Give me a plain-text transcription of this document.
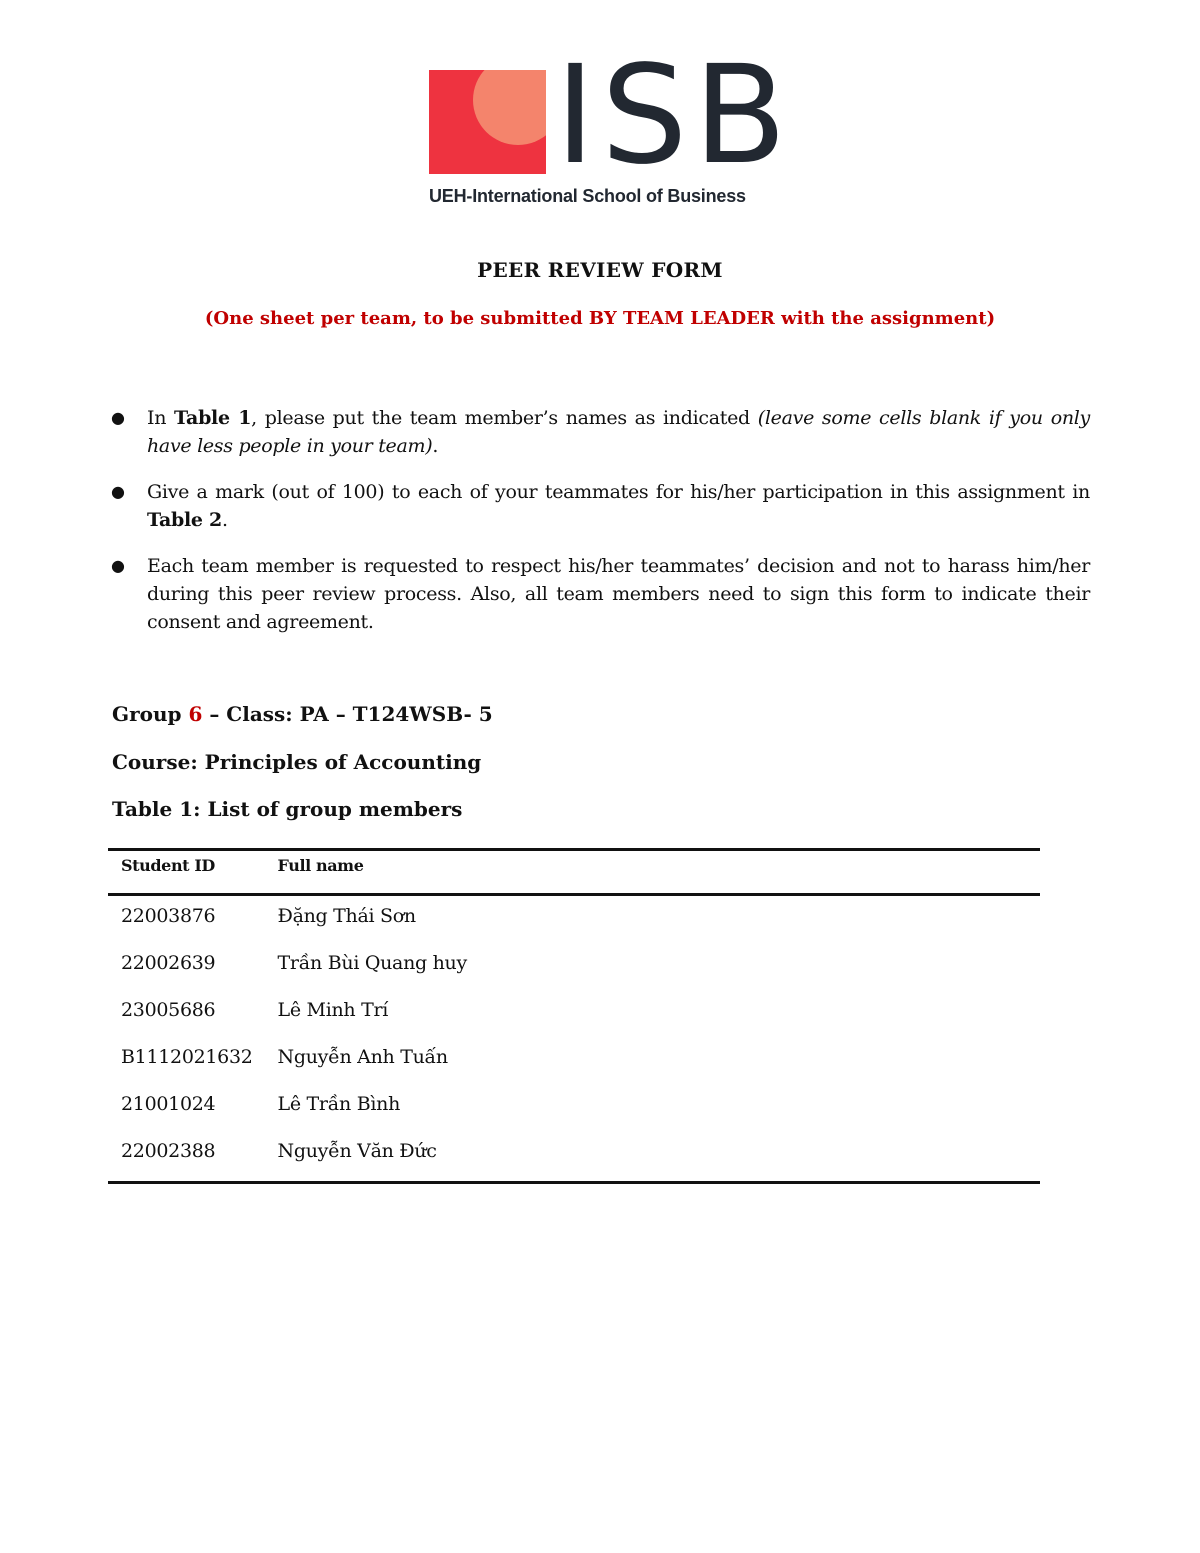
ISB
UEH-International School of Business
PEER REVIEW FORM
(One sheet per team, to be submitted BY TEAM LEADER with the assignment)
● In Table 1, please put the team member’s names as indicated (leave some cells blank if you only have less people in your team).
● Give a mark (out of 100) to each of your teammates for his/her participation in this assignment in Table 2.
● Each team member is requested to respect his/her teammates’ decision and not to harass him/her during this peer review process. Also, all team members need to sign this form to indicate their consent and agreement.
Group 6 – Class: PA – T124WSB- 5
Course: Principles of Accounting
Table 1: List of group members
Student ID	Full name
22003876	Đặng Thái Sơn
22002639	Trần Bùi Quang huy
23005686	Lê Minh Trí
B1112021632	Nguyễn Anh Tuấn
21001024	Lê Trần Bình
22002388	Nguyễn Văn Đức
